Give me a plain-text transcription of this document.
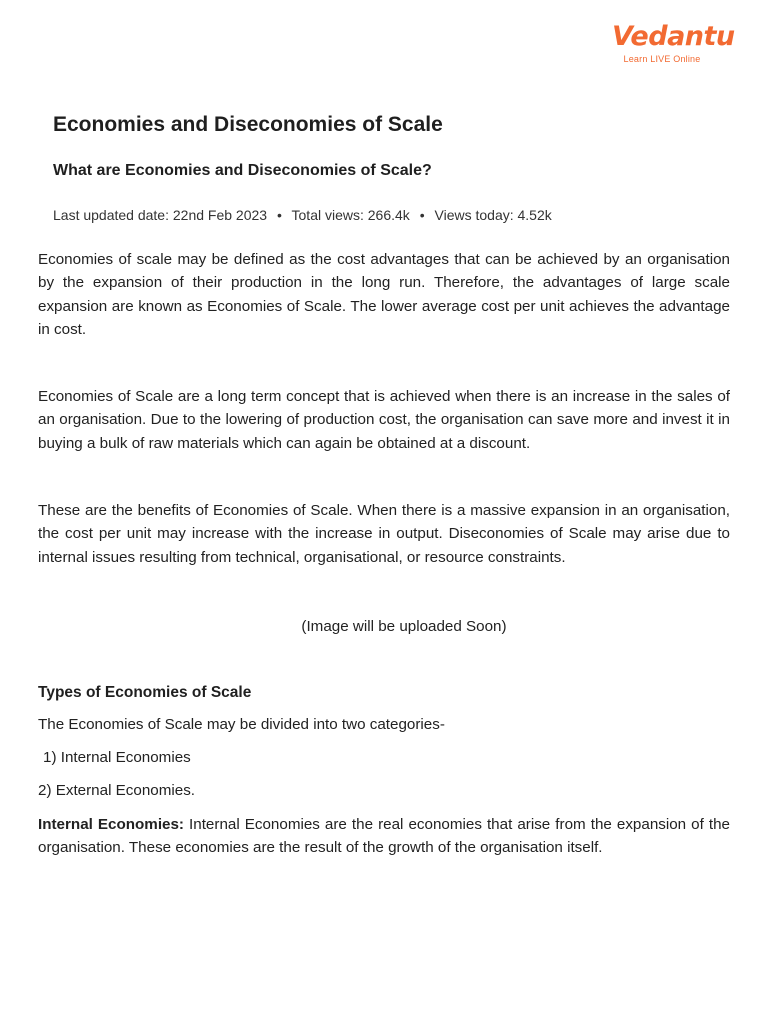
Vedantu
Learn LIVE Online
Economies and Diseconomies of Scale
What are Economies and Diseconomies of Scale?

Last updated date: 22nd Feb 2023 • Total views: 266.4k • Views today: 4.52k

Economies of scale may be defined as the cost advantages that can be achieved by an organisation by the expansion of their production in the long run. Therefore, the advantages of large scale expansion are known as Economies of Scale. The lower average cost per unit achieves the advantage in cost.

Economies of Scale are a long term concept that is achieved when there is an increase in the sales of an organisation. Due to the lowering of production cost, the organisation can save more and invest it in buying a bulk of raw materials which can again be obtained at a discount.

These are the benefits of Economies of Scale. When there is a massive expansion in an organisation, the cost per unit may increase with the increase in output. Diseconomies of Scale may arise due to internal issues resulting from technical, organisational, or resource constraints.

(Image will be uploaded Soon)

Types of Economies of Scale

The Economies of Scale may be divided into two categories-

1) Internal Economies

2) External Economies.

Internal Economies: Internal Economies are the real economies that arise from the expansion of the organisation. These economies are the result of the growth of the organisation itself.
